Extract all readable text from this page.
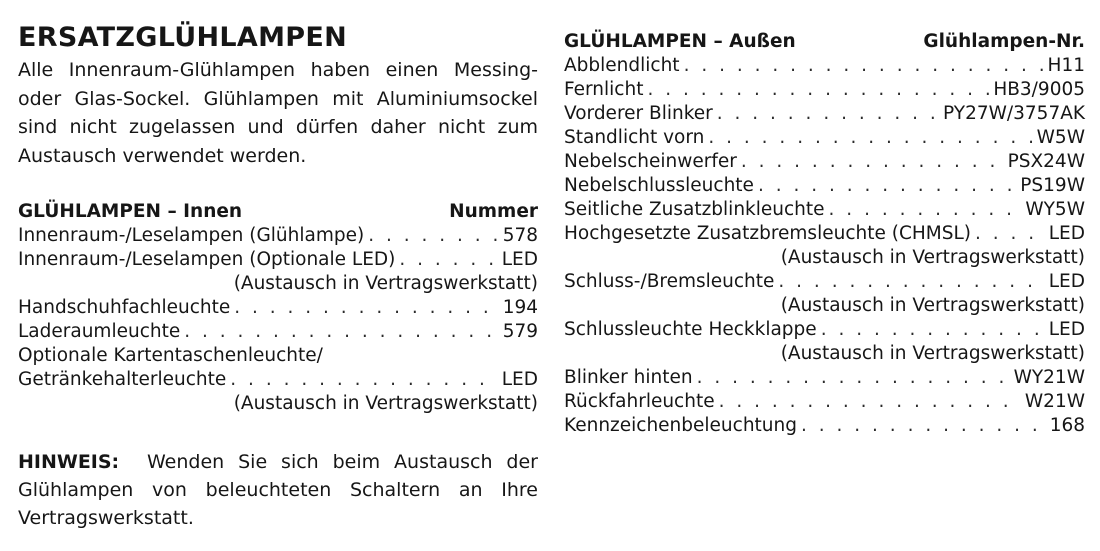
ERSATZGLÜHLAMPEN

Alle Innenraum-Glühlampen haben einen Messing- oder Glas-Sockel. Glühlampen mit Aluminiumsockel sind nicht zugelassen und dürfen daher nicht zum Austausch verwendet werden.

GLÜHLAMPEN – Innen	Nummer
Innenraum-/Leselampen (Glühlampe) . . .	578
Innenraum-/Leselampen (Optionale LED) . . .	LED
(Austausch in Vertragswerkstatt)
Handschuhfachleuchte . . .	194
Laderaumleuchte . . .	579
Optionale Kartentaschenleuchte/
Getränkehalterleuchte . . .	LED
(Austausch in Vertragswerkstatt)

HINWEIS: Wenden Sie sich beim Austausch der Glühlampen von beleuchteten Schaltern an Ihre Vertragswerkstatt.

GLÜHLAMPEN – Außen	Glühlampen-Nr.
Abblendlicht . . .	H11
Fernlicht . . .	HB3/9005
Vorderer Blinker . . .	PY27W/3757AK
Standlicht vorn . . .	W5W
Nebelscheinwerfer . . .	PSX24W
Nebelschlussleuchte . . .	PS19W
Seitliche Zusatzblinkleuchte . . .	WY5W
Hochgesetzte Zusatzbremsleuchte (CHMSL) . . .	LED
(Austausch in Vertragswerkstatt)
Schluss-/Bremsleuchte . . .	LED
(Austausch in Vertragswerkstatt)
Schlussleuchte Heckklappe . . .	LED
(Austausch in Vertragswerkstatt)
Blinker hinten . . .	WY21W
Rückfahrleuchte . . .	W21W
Kennzeichenbeleuchtung . . .	168
